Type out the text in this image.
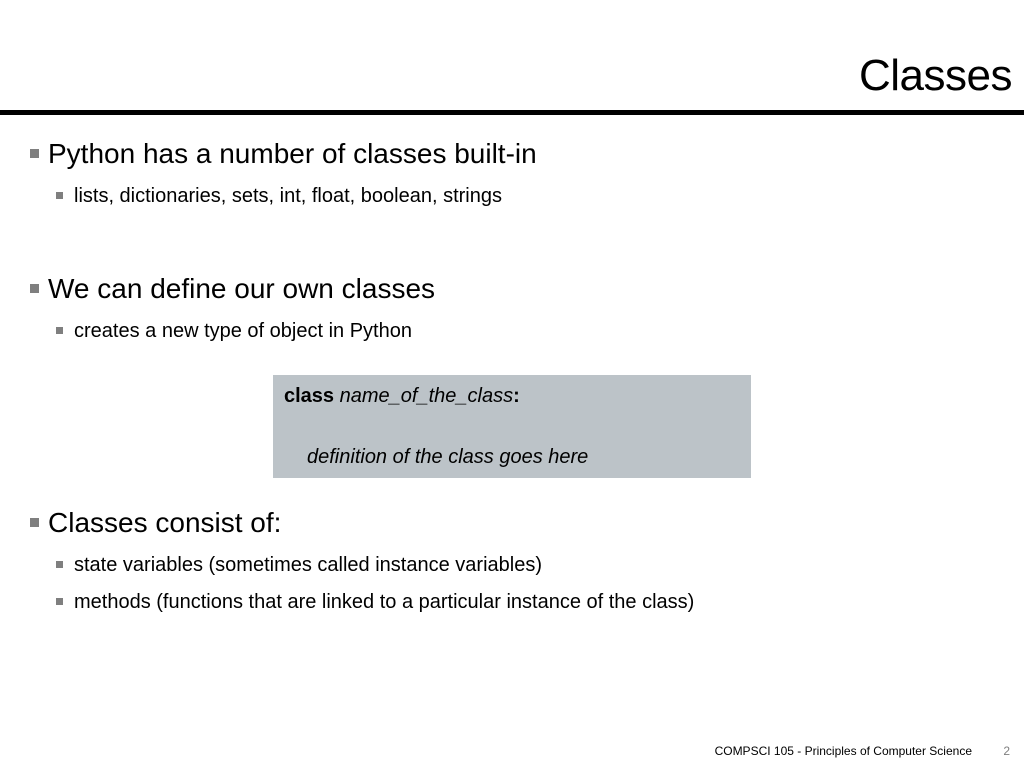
Classes
Python has a number of classes built-in
lists, dictionaries, sets, int, float, boolean, strings
We can define our own classes
creates a new type of object in Python
class name_of_the_class:
definition of the class goes here
Classes consist of:
state variables (sometimes called instance variables)
methods (functions that are linked to a particular instance of the class)
COMPSCI 105 - Principles of Computer Science	2
